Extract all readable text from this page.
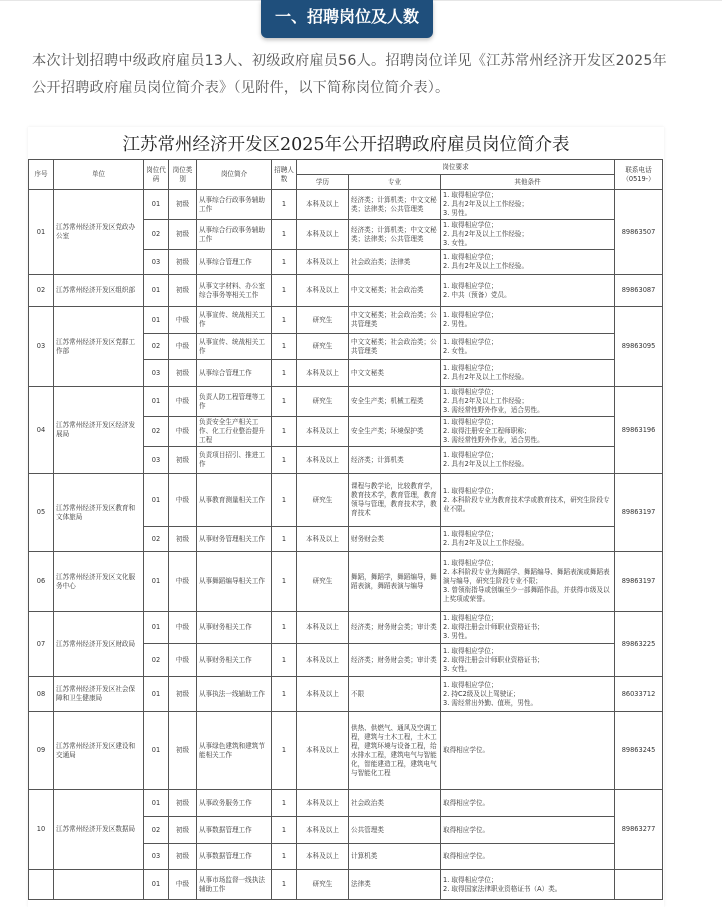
一、招聘岗位及人数
本次计划招聘中级政府雇员13人、初级政府雇员56人。招聘岗位详见《江苏常州经济开发区2025年公开招聘政府雇员岗位简介表》（见附件，以下简称岗位简介表）。
江苏常州经济开发区2025年公开招聘政府雇员岗位简介表
序号	单位	岗位代码	岗位类别	岗位简介	招聘人数	岗位要求			联系电话（0519-）
						学历	专业	其他条件	
01	江苏常州经济开发区党政办公室	01	初级	从事综合行政事务辅助工作	1	本科及以上	经济类；计算机类；中文文秘类；法律类；公共管理类	1. 取得相应学位；
2. 具有2年及以上工作经验；
3. 男性。	89863507
		02	初级	从事综合行政事务辅助工作	1	本科及以上	经济类；计算机类；中文文秘类；法律类；公共管理类	1. 取得相应学位；
2. 具有2年及以上工作经验；
3. 女性。	
		03	初级	从事综合管理工作	1	本科及以上	社会政治类；法律类	1. 取得相应学位；
2. 具有2年及以上工作经验。	
02	江苏常州经济开发区组织部	01	初级	从事文字材料、办公室综合事务等相关工作	1	本科及以上	中文文秘类；社会政治类	1. 取得相应学位；
2. 中共（预备）党员。	89863087
03	江苏常州经济开发区党群工作部	01	中级	从事宣传、统战相关工作	1	研究生	中文文秘类；社会政治类；公共管理类	1. 取得相应学位；
2. 男性。	89863095
		02	中级	从事宣传、统战相关工作	1	研究生	中文文秘类；社会政治类；公共管理类	1. 取得相应学位；
2. 女性。	
		03	初级	从事综合管理工作	1	本科及以上	中文文秘类	1. 取得相应学位；
2. 具有2年及以上工作经验。	
04	江苏常州经济开发区经济发展局	01	中级	负责人防工程管理等工作	1	研究生	安全生产类；机械工程类	1. 取得相应学位；
2. 具有2年及以上工作经验；
3. 需经常性野外作业，适合男性。	89863196
		02	中级	负责安全生产相关工作、化工行业整治提升工程	1	本科及以上	安全生产类；环境保护类	1. 取得相应学位；
2. 取得注册安全工程师职称；
3. 需经常性野外作业，适合男性。	
		03	初级	负责项目招引、推进工作	1	本科及以上	经济类；计算机类	1. 取得相应学位；
2. 具有2年及以上工作经验。	
05	江苏常州经济开发区教育和文体旅局	01	中级	从事教育测量相关工作	1	研究生	课程与教学论，比较教育学，教育技术学，教育管理，教育领导与管理，教育技术学，教育技术	1. 取得相应学位；
2. 本科阶段专业为教育技术学或教育技术，研究生阶段专业不限。	89863197
		02	初级	从事财务管理相关工作	1	本科及以上	财务财会类	1. 取得相应学位；
2. 具有2年及以上工作经验。	
06	江苏常州经济开发区文化服务中心	01	中级	从事舞蹈编导相关工作	1	研究生	舞蹈，舞蹈学，舞蹈编导，舞蹈表演，舞蹈表演与编导	1. 取得相应学位；
2. 本科阶段专业为舞蹈学、舞蹈编导、舞蹈表演或舞蹈表演与编导，研究生阶段专业不限；
3. 曾领衔指导或创编至少一部舞蹈作品，并获得市级及以上奖项或荣誉。	89863197
07	江苏常州经济开发区财政局	01	中级	从事财务相关工作	1	本科及以上	经济类；财务财会类；审计类	1. 取得相应学位；
2. 取得注册会计师职业资格证书；
3. 男性。	89863225
		02	中级	从事财务相关工作	1	本科及以上	经济类；财务财会类；审计类	1. 取得相应学位；
2. 取得注册会计师职业资格证书；
3. 女性。	
08	江苏常州经济开发区社会保障和卫生健康局	01	初级	从事执法一线辅助工作	1	本科及以上	不限	1. 取得相应学位；
2. 持C2级及以上驾驶证；
3. 需经常出外勤、值班，男性。	86033712
09	江苏常州经济开发区建设和交通局	01	初级	从事绿色建筑和建筑节能相关工作	1	本科及以上	供热、供燃气、通风及空调工程，建筑与土木工程，土木工程，建筑环境与设备工程，给水排水工程，建筑电气与智能化，智能建造工程，建筑电气与智能化工程	取得相应学位。	89863245
10	江苏常州经济开发区数据局	01	初级	从事政务服务工作	1	本科及以上	社会政治类	取得相应学位。	89863277
		02	初级	从事数据管理工作	1	本科及以上	公共管理类	取得相应学位。	
		03	初级	从事数据管理工作	1	本科及以上	计算机类	取得相应学位。	
		01	中级	从事市场监督一线执法辅助工作	1	研究生	法律类	1. 取得相应学位；
2. 取得国家法律职业资格证书（A）类。	
